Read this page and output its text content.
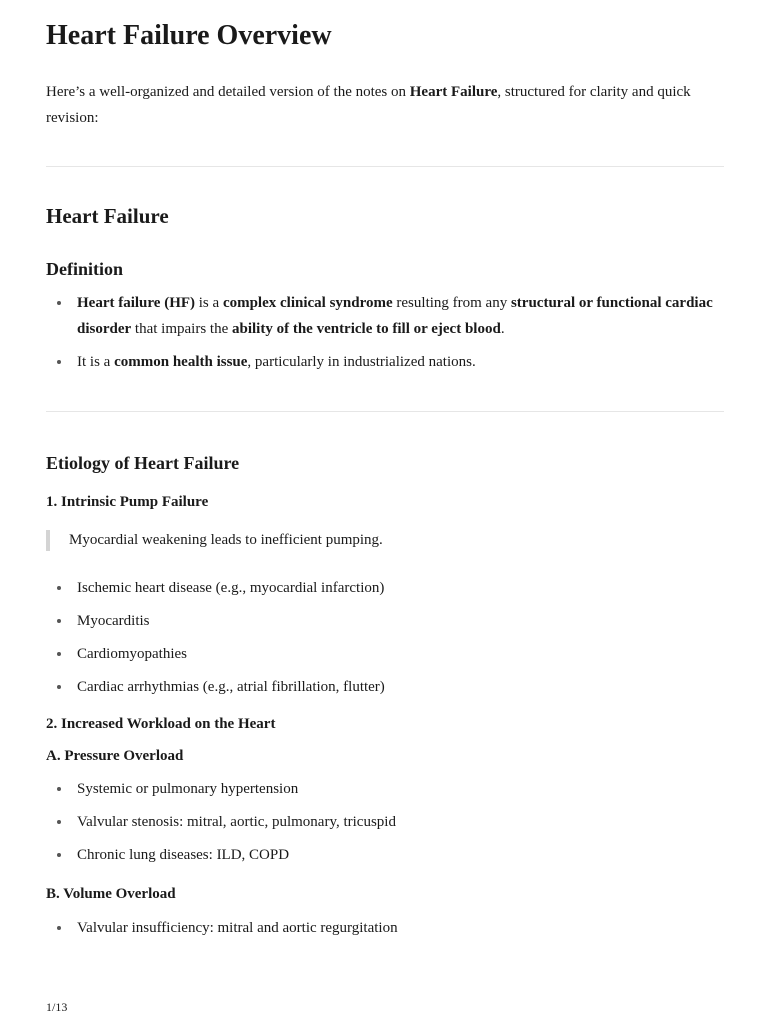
Heart Failure Overview

Here’s a well-organized and detailed version of the notes on Heart Failure, structured for clarity and quick revision:

Heart Failure
Definition
Heart failure (HF) is a complex clinical syndrome resulting from any structural or functional cardiac disorder that impairs the ability of the ventricle to fill or eject blood.
It is a common health issue, particularly in industrialized nations.
Etiology of Heart Failure
1. Intrinsic Pump Failure
Myocardial weakening leads to inefficient pumping.
Ischemic heart disease (e.g., myocardial infarction)
Myocarditis
Cardiomyopathies
Cardiac arrhythmias (e.g., atrial fibrillation, flutter)
2. Increased Workload on the Heart
A. Pressure Overload
Systemic or pulmonary hypertension
Valvular stenosis: mitral, aortic, pulmonary, tricuspid
Chronic lung diseases: ILD, COPD
B. Volume Overload
Valvular insufficiency: mitral and aortic regurgitation
1/13
